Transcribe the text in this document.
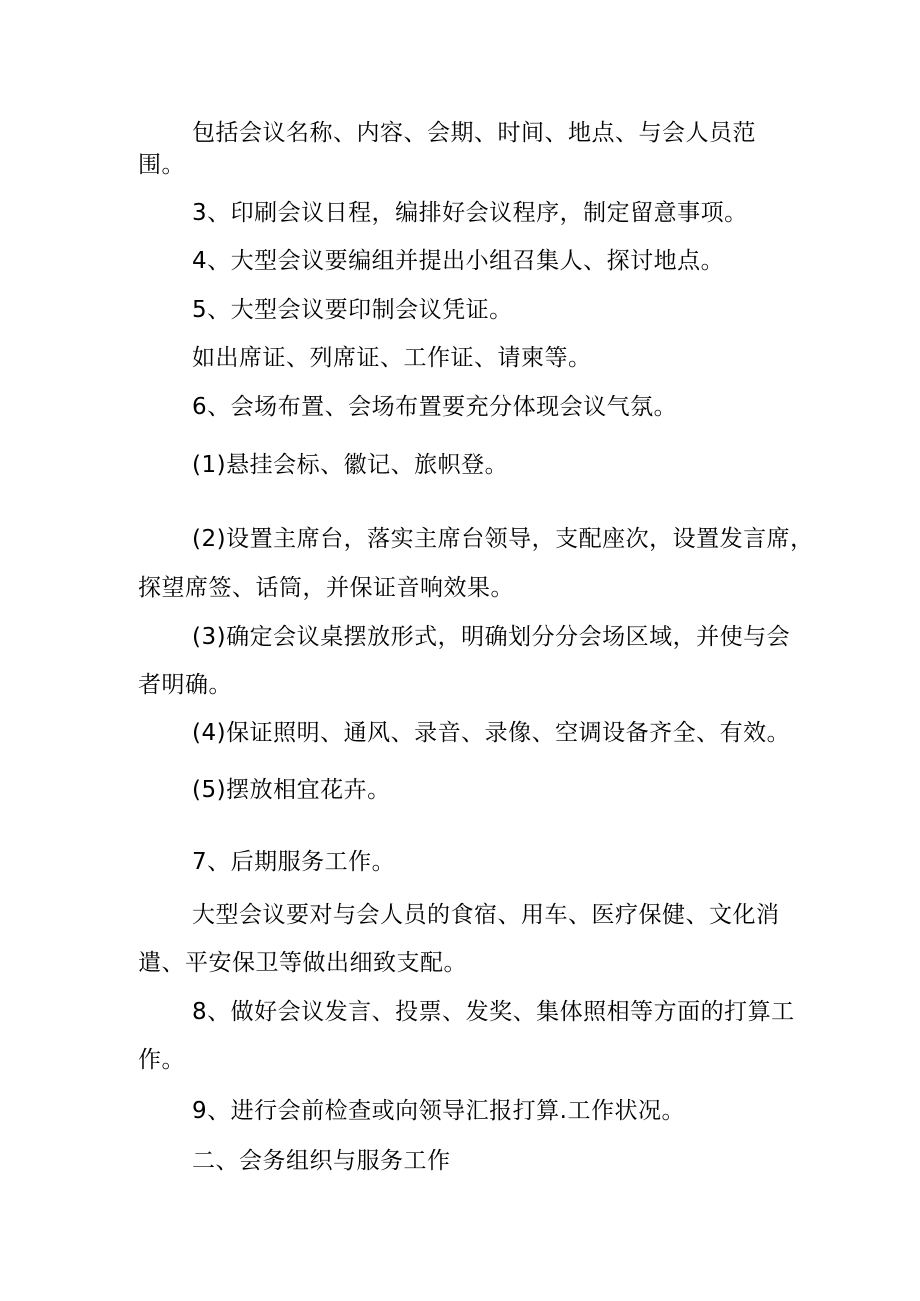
包括会议名称、内容、会期、时间、地点、与会人员范
围。
3、印刷会议日程，编排好会议程序，制定留意事项。
4、大型会议要编组并提出小组召集人、探讨地点。
5、大型会议要印制会议凭证。
如出席证、列席证、工作证、请柬等。
6、会场布置、会场布置要充分体现会议气氛。
(1)悬挂会标、徽记、旅帜登。
(2)设置主席台，落实主席台领导，支配座次，设置发言席，
探望席签、话筒，并保证音响效果。
(3)确定会议桌摆放形式，明确划分分会场区域，并使与会
者明确。
(4)保证照明、通风、录音、录像、空调设备齐全、有效。
(5)摆放相宜花卉。
7、后期服务工作。
大型会议要对与会人员的食宿、用车、医疗保健、文化消
遣、平安保卫等做出细致支配。
8、做好会议发言、投票、发奖、集体照相等方面的打算工
作。
9、进行会前检查或向领导汇报打算.工作状况。
二、会务组织与服务工作
